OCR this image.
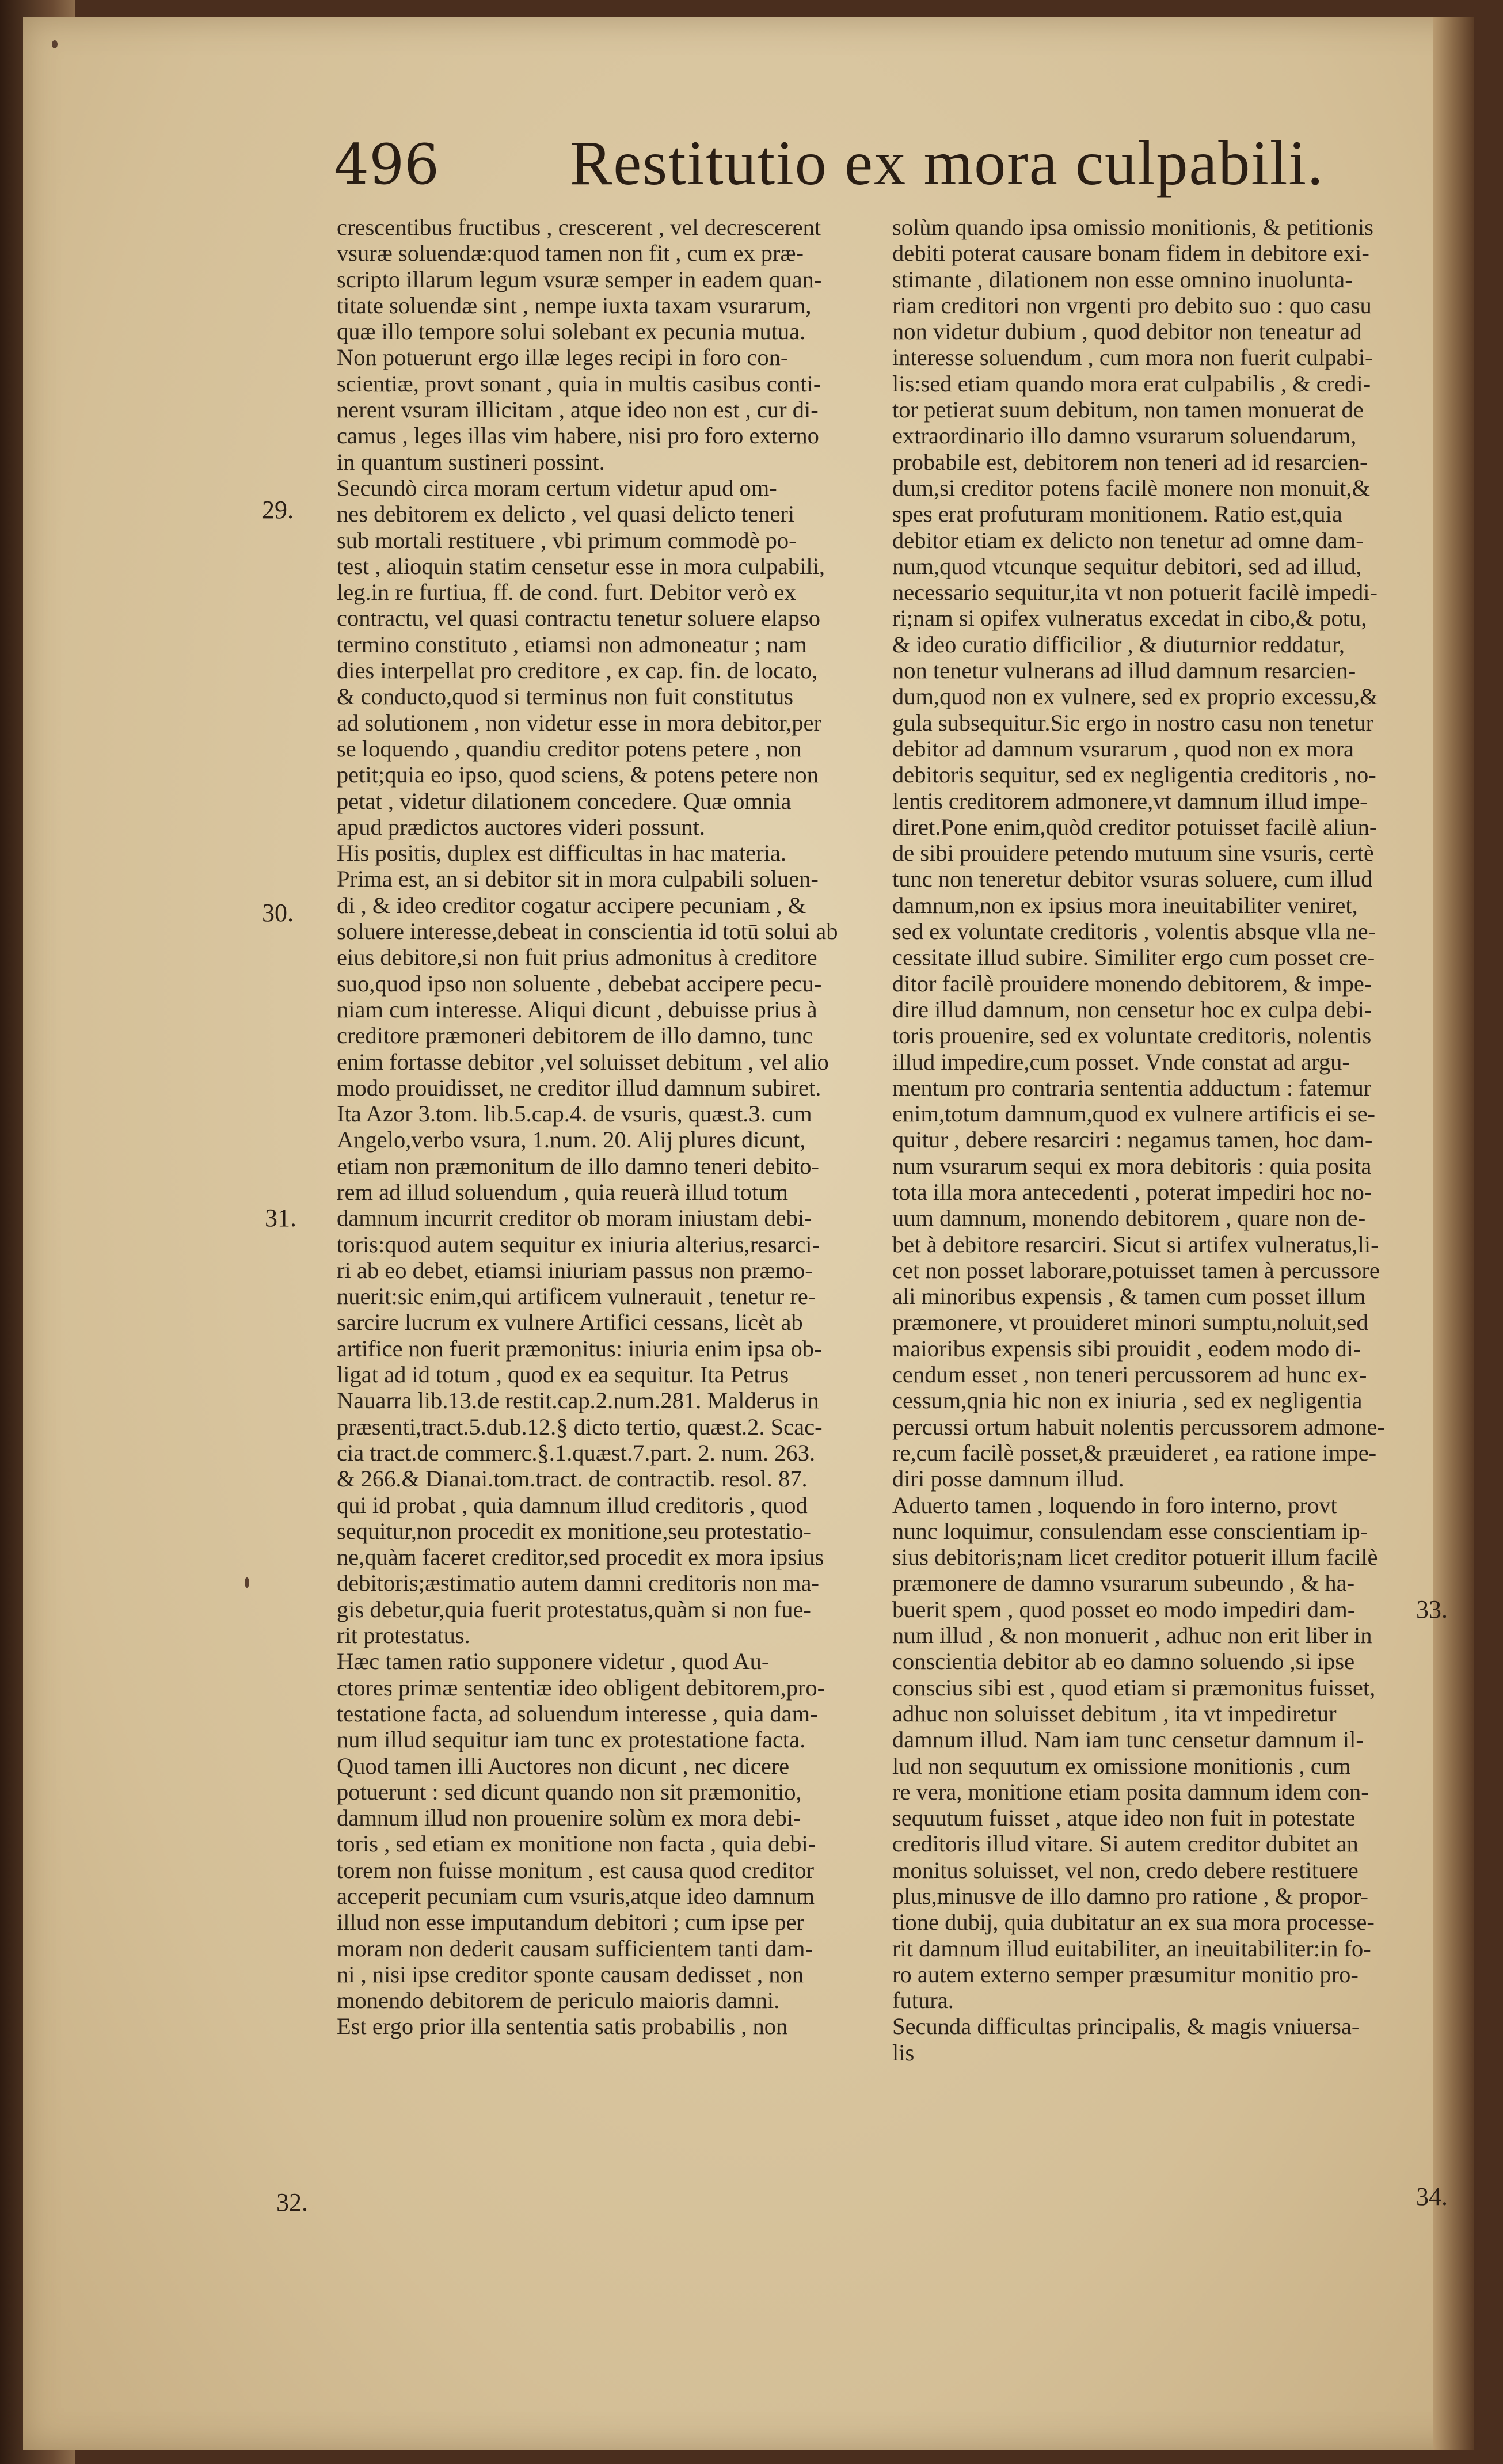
496 Restitutio ex mora culpabili.
29.
30.
31.
32.
33.
34.
crescentibus fructibus , crescerent , vel decrescerent
vsuræ soluendæ:quod tamen non fit , cum ex præ-
scripto illarum legum vsuræ semper in eadem quan-
titate soluendæ sint , nempe iuxta taxam vsurarum,
quæ illo tempore solui solebant ex pecunia mutua.
Non potuerunt ergo illæ leges recipi in foro con-
scientiæ, provt sonant , quia in multis casibus conti-
nerent vsuram illicitam , atque ideo non est , cur di-
camus , leges illas vim habere, nisi pro foro externo
in quantum sustineri possint.
Secundò circa moram certum videtur apud om-
nes debitorem ex delicto , vel quasi delicto teneri
sub mortali restituere , vbi primum commodè po-
test , alioquin statim censetur esse in mora culpabili,
leg.in re furtiua, ff. de cond. furt. Debitor verò ex
contractu, vel quasi contractu tenetur soluere elapso
termino constituto , etiamsi non admoneatur ; nam
dies interpellat pro creditore , ex cap. fin. de locato,
& conducto,quod si terminus non fuit constitutus
ad solutionem , non videtur esse in mora debitor,per
se loquendo , quandiu creditor potens petere , non
petit;quia eo ipso, quod sciens, & potens petere non
petat , videtur dilationem concedere. Quæ omnia
apud prædictos auctores videri possunt.
His positis, duplex est difficultas in hac materia.
Prima est, an si debitor sit in mora culpabili soluen-
di , & ideo creditor cogatur accipere pecuniam , &
soluere interesse,debeat in conscientia id totū solui ab
eius debitore,si non fuit prius admonitus à creditore
suo,quod ipso non soluente , debebat accipere pecu-
niam cum interesse. Aliqui dicunt , debuisse prius à
creditore præmoneri debitorem de illo damno, tunc
enim fortasse debitor ,vel soluisset debitum , vel alio
modo prouidisset, ne creditor illud damnum subiret.
Ita Azor 3.tom. lib.5.cap.4. de vsuris, quæst.3. cum
Angelo,verbo vsura, 1.num. 20. Alij plures dicunt,
etiam non præmonitum de illo damno teneri debito-
rem ad illud soluendum , quia reuerà illud totum
damnum incurrit creditor ob moram iniustam debi-
toris:quod autem sequitur ex iniuria alterius,resarci-
ri ab eo debet, etiamsi iniuriam passus non præmo-
nuerit:sic enim,qui artificem vulnerauit , tenetur re-
sarcire lucrum ex vulnere Artifici cessans, licèt ab
artifice non fuerit præmonitus: iniuria enim ipsa ob-
ligat ad id totum , quod ex ea sequitur. Ita Petrus
Nauarra lib.13.de restit.cap.2.num.281. Malderus in
præsenti,tract.5.dub.12.§ dicto tertio, quæst.2. Scac-
cia tract.de commerc.§.1.quæst.7.part. 2. num. 263.
& 266.& Dianai.tom.tract. de contractib. resol. 87.
qui id probat , quia damnum illud creditoris , quod
sequitur,non procedit ex monitione,seu protestatio-
ne,quàm faceret creditor,sed procedit ex mora ipsius
debitoris;æstimatio autem damni creditoris non ma-
gis debetur,quia fuerit protestatus,quàm si non fue-
rit protestatus.
Hæc tamen ratio supponere videtur , quod Au-
ctores primæ sententiæ ideo obligent debitorem,pro-
testatione facta, ad soluendum interesse , quia dam-
num illud sequitur iam tunc ex protestatione facta.
Quod tamen illi Auctores non dicunt , nec dicere
potuerunt : sed dicunt quando non sit præmonitio,
damnum illud non prouenire solùm ex mora debi-
toris , sed etiam ex monitione non facta , quia debi-
torem non fuisse monitum , est causa quod creditor
acceperit pecuniam cum vsuris,atque ideo damnum
illud non esse imputandum debitori ; cum ipse per
moram non dederit causam sufficientem tanti dam-
ni , nisi ipse creditor sponte causam dedisset , non
monendo debitorem de periculo maioris damni.
Est ergo prior illa sententia satis probabilis , non
solùm quando ipsa omissio monitionis, & petitionis
debiti poterat causare bonam fidem in debitore exi-
stimante , dilationem non esse omnino inuolunta-
riam creditori non vrgenti pro debito suo : quo casu
non videtur dubium , quod debitor non teneatur ad
interesse soluendum , cum mora non fuerit culpabi-
lis:sed etiam quando mora erat culpabilis , & credi-
tor petierat suum debitum, non tamen monuerat de
extraordinario illo damno vsurarum soluendarum,
probabile est, debitorem non teneri ad id resarcien-
dum,si creditor potens facilè monere non monuit,&
spes erat profuturam monitionem. Ratio est,quia
debitor etiam ex delicto non tenetur ad omne dam-
num,quod vtcunque sequitur debitori, sed ad illud,
necessario sequitur,ita vt non potuerit facilè impedi-
ri;nam si opifex vulneratus excedat in cibo,& potu,
& ideo curatio difficilior , & diuturnior reddatur,
non tenetur vulnerans ad illud damnum resarcien-
dum,quod non ex vulnere, sed ex proprio excessu,&
gula subsequitur.Sic ergo in nostro casu non tenetur
debitor ad damnum vsurarum , quod non ex mora
debitoris sequitur, sed ex negligentia creditoris , no-
lentis creditorem admonere,vt damnum illud impe-
diret.Pone enim,quòd creditor potuisset facilè aliun-
de sibi prouidere petendo mutuum sine vsuris, certè
tunc non teneretur debitor vsuras soluere, cum illud
damnum,non ex ipsius mora ineuitabiliter veniret,
sed ex voluntate creditoris , volentis absque vlla ne-
cessitate illud subire. Similiter ergo cum posset cre-
ditor facilè prouidere monendo debitorem, & impe-
dire illud damnum, non censetur hoc ex culpa debi-
toris prouenire, sed ex voluntate creditoris, nolentis
illud impedire,cum posset. Vnde constat ad argu-
mentum pro contraria sententia adductum : fatemur
enim,totum damnum,quod ex vulnere artificis ei se-
quitur , debere resarciri : negamus tamen, hoc dam-
num vsurarum sequi ex mora debitoris : quia posita
tota illa mora antecedenti , poterat impediri hoc no-
uum damnum, monendo debitorem , quare non de-
bet à debitore resarciri. Sicut si artifex vulneratus,li-
cet non posset laborare,potuisset tamen à percussore
ali minoribus expensis , & tamen cum posset illum
præmonere, vt prouideret minori sumptu,noluit,sed
maioribus expensis sibi prouidit , eodem modo di-
cendum esset , non teneri percussorem ad hunc ex-
cessum,qnia hic non ex iniuria , sed ex negligentia
percussi ortum habuit nolentis percussorem admone-
re,cum facilè posset,& præuideret , ea ratione impe-
diri posse damnum illud.
Aduerto tamen , loquendo in foro interno, provt
nunc loquimur, consulendam esse conscientiam ip-
sius debitoris;nam licet creditor potuerit illum facilè
præmonere de damno vsurarum subeundo , & ha-
buerit spem , quod posset eo modo impediri dam-
num illud , & non monuerit , adhuc non erit liber in
conscientia debitor ab eo damno soluendo ,si ipse
conscius sibi est , quod etiam si præmonitus fuisset,
adhuc non soluisset debitum , ita vt impediretur
damnum illud. Nam iam tunc censetur damnum il-
lud non sequutum ex omissione monitionis , cum
re vera, monitione etiam posita damnum idem con-
sequutum fuisset , atque ideo non fuit in potestate
creditoris illud vitare. Si autem creditor dubitet an
monitus soluisset, vel non, credo debere restituere
plus,minusve de illo damno pro ratione , & propor-
tione dubij, quia dubitatur an ex sua mora processe-
rit damnum illud euitabiliter, an ineuitabiliter:in fo-
ro autem externo semper præsumitur monitio pro-
futura.
Secunda difficultas principalis, & magis vniuersa-
lis
